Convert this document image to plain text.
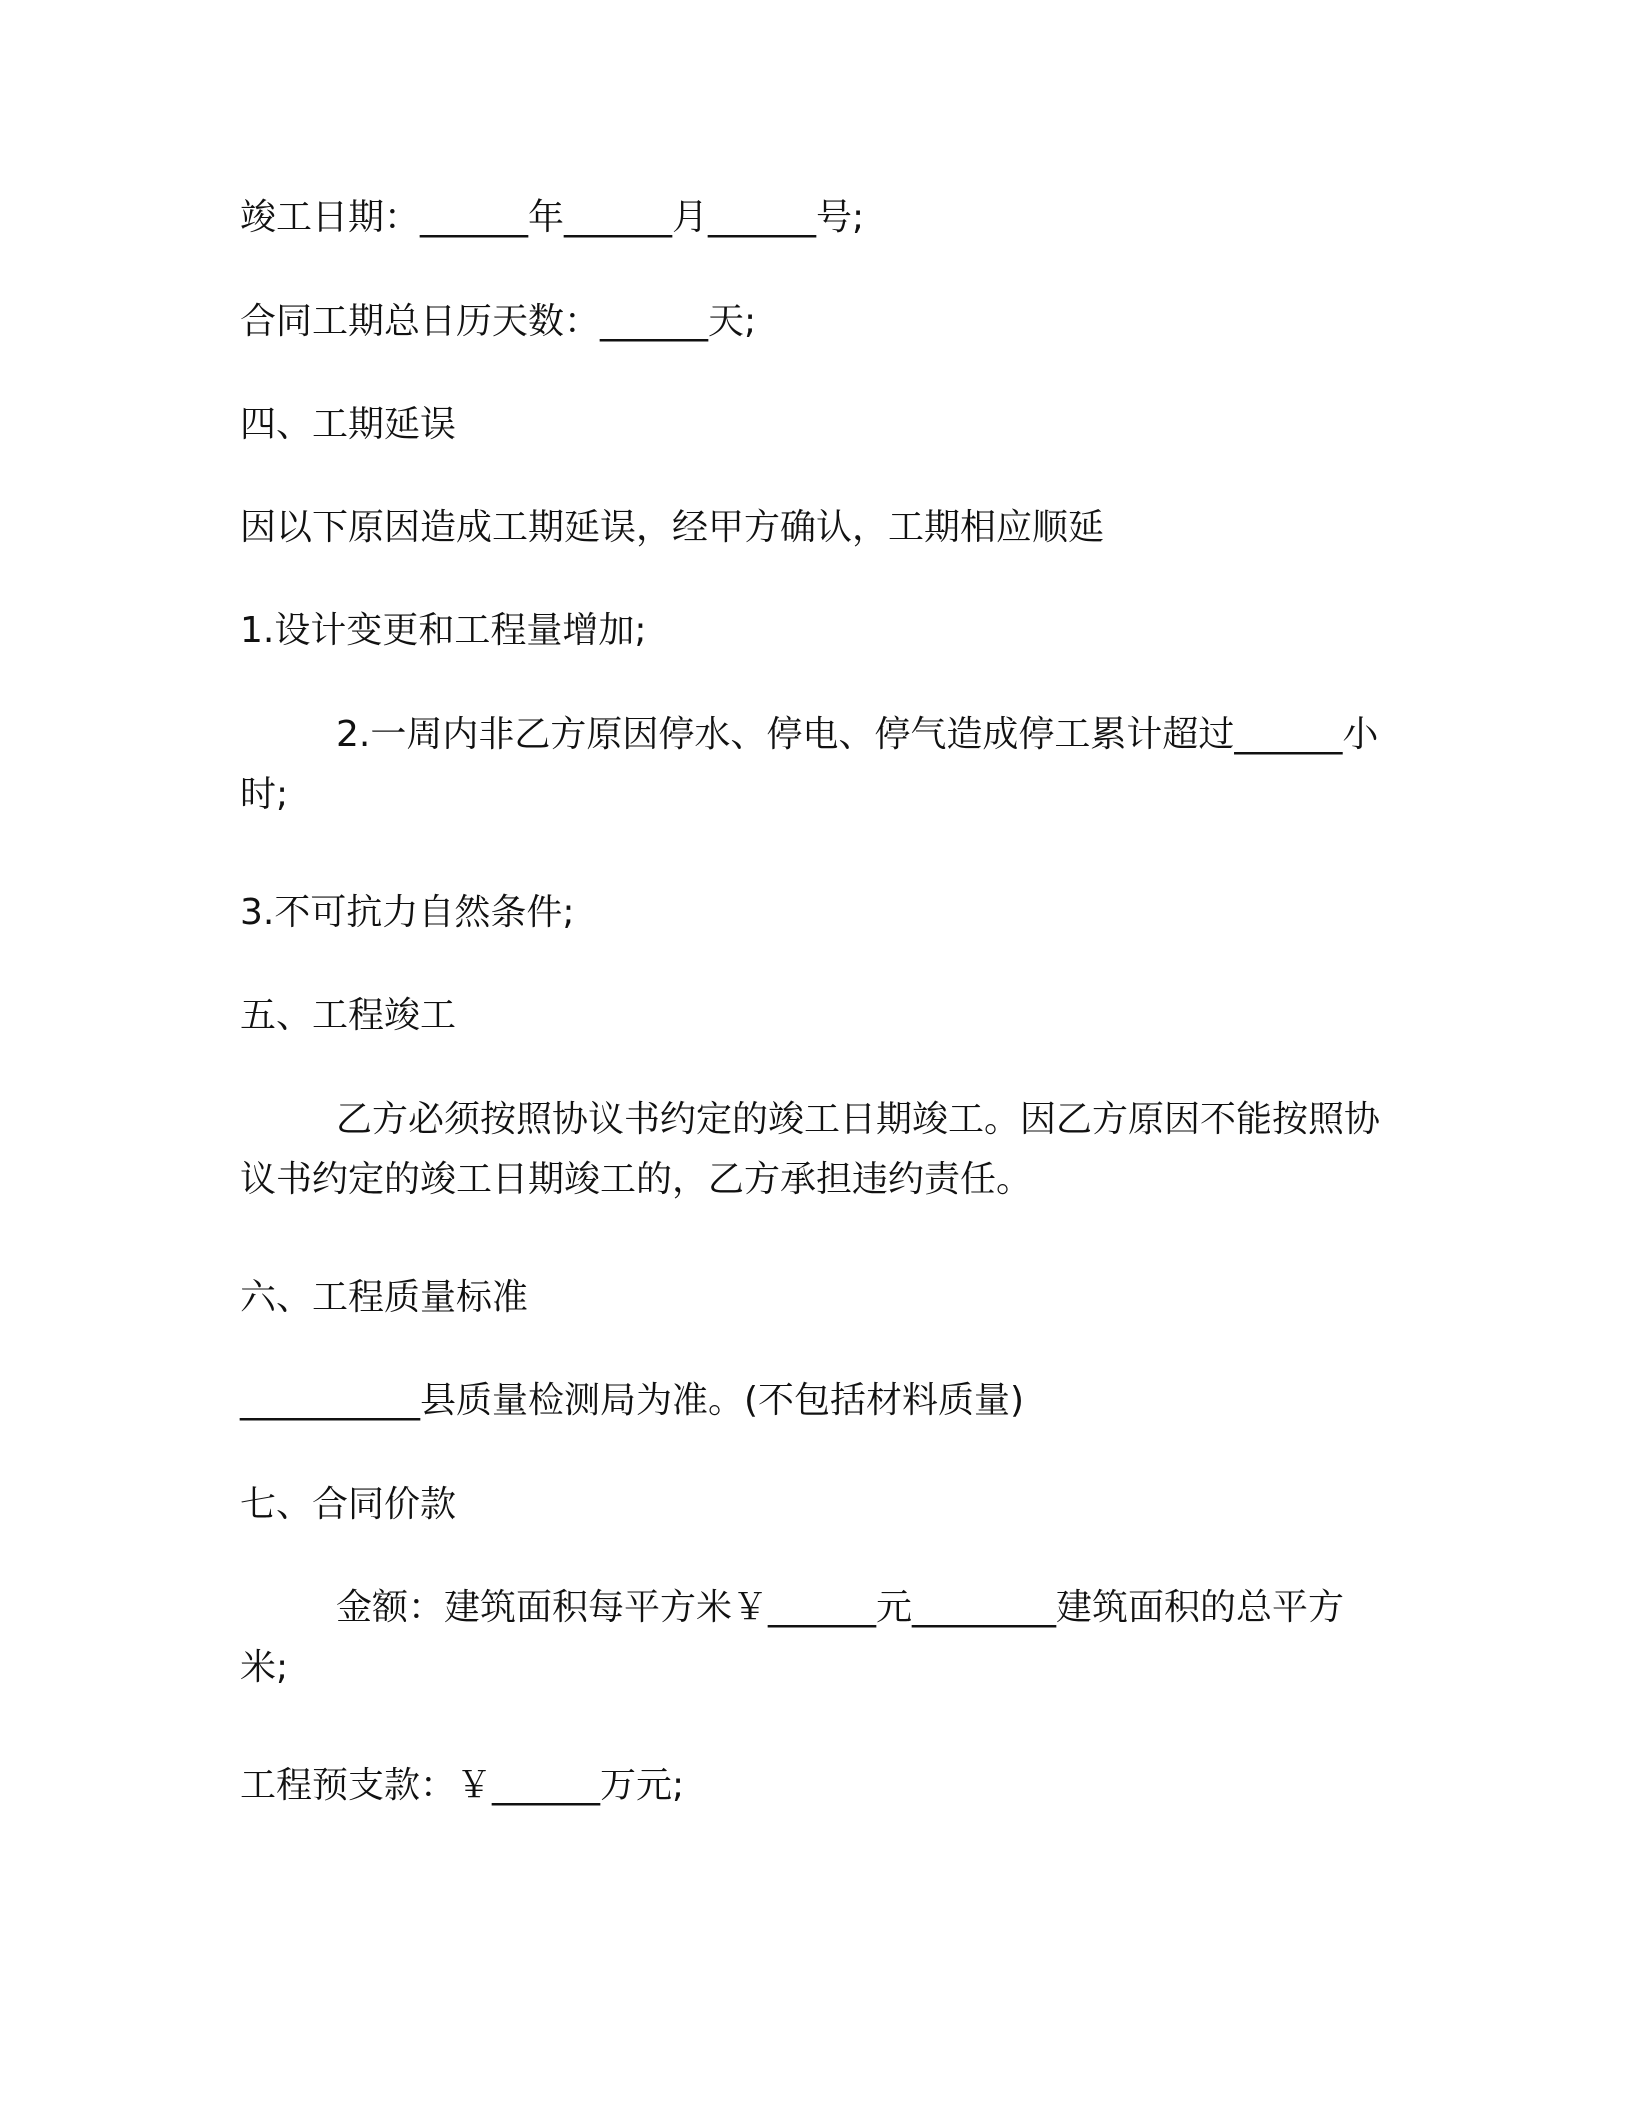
竣工日期：______年______月______号;

合同工期总日历天数：______天;

四、工期延误

因以下原因造成工期延误，经甲方确认，工期相应顺延

1.设计变更和工程量增加;

2.一周内非乙方原因停水、停电、停气造成停工累计超过______小时;

3.不可抗力自然条件;

五、工程竣工

乙方必须按照协议书约定的竣工日期竣工。因乙方原因不能按照协议书约定的竣工日期竣工的，乙方承担违约责任。

六、工程质量标准

__________县质量检测局为准。(不包括材料质量)

七、合同价款

金额：建筑面积每平方米￥______元________建筑面积的总平方米;

工程预支款：￥______万元;
